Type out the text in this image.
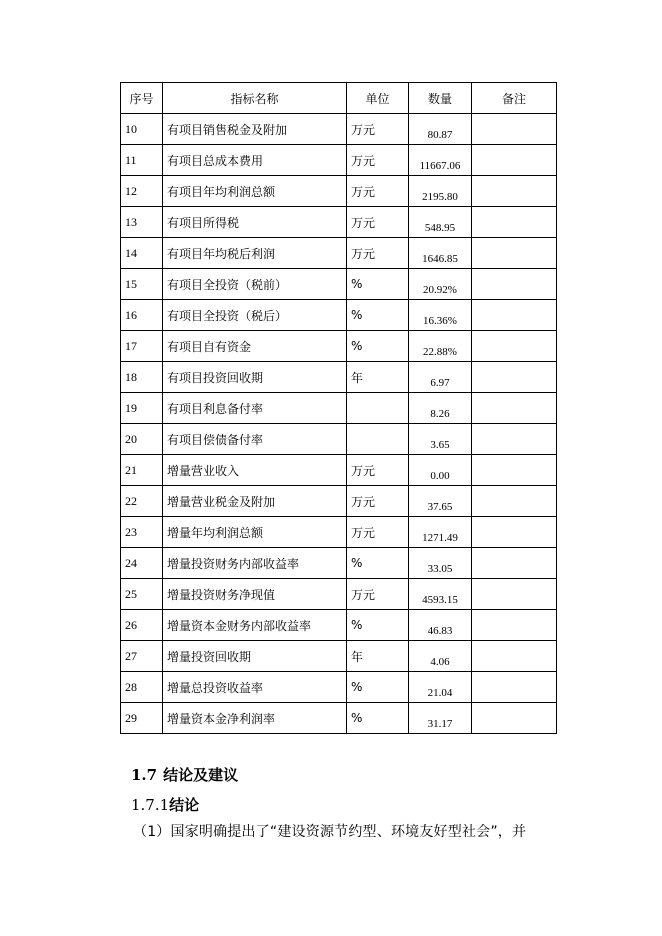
序号	指标名称	单位	数量	备注
10	有项目销售税金及附加	万元	80.87	
11	有项目总成本费用	万元	11667.06	
12	有项目年均利润总额	万元	2195.80	
13	有项目所得税	万元	548.95	
14	有项目年均税后利润	万元	1646.85	
15	有项目全投资（税前）	%	20.92%	
16	有项目全投资（税后）	%	16.36%	
17	有项目自有资金	%	22.88%	
18	有项目投资回收期	年	6.97	
19	有项目利息备付率		8.26	
20	有项目偿债备付率		3.65	
21	增量营业收入	万元	0.00	
22	增量营业税金及附加	万元	37.65	
23	增量年均利润总额	万元	1271.49	
24	增量投资财务内部收益率	%	33.05	
25	增量投资财务净现值	万元	4593.15	
26	增量资本金财务内部收益率	%	46.83	
27	增量投资回收期	年	4.06	
28	增量总投资收益率	%	21.04	
29	增量资本金净利润率	%	31.17	
1.7 结论及建议
1.7.1结论
（1）国家明确提出了“建设资源节约型、环境友好型社会”，并
